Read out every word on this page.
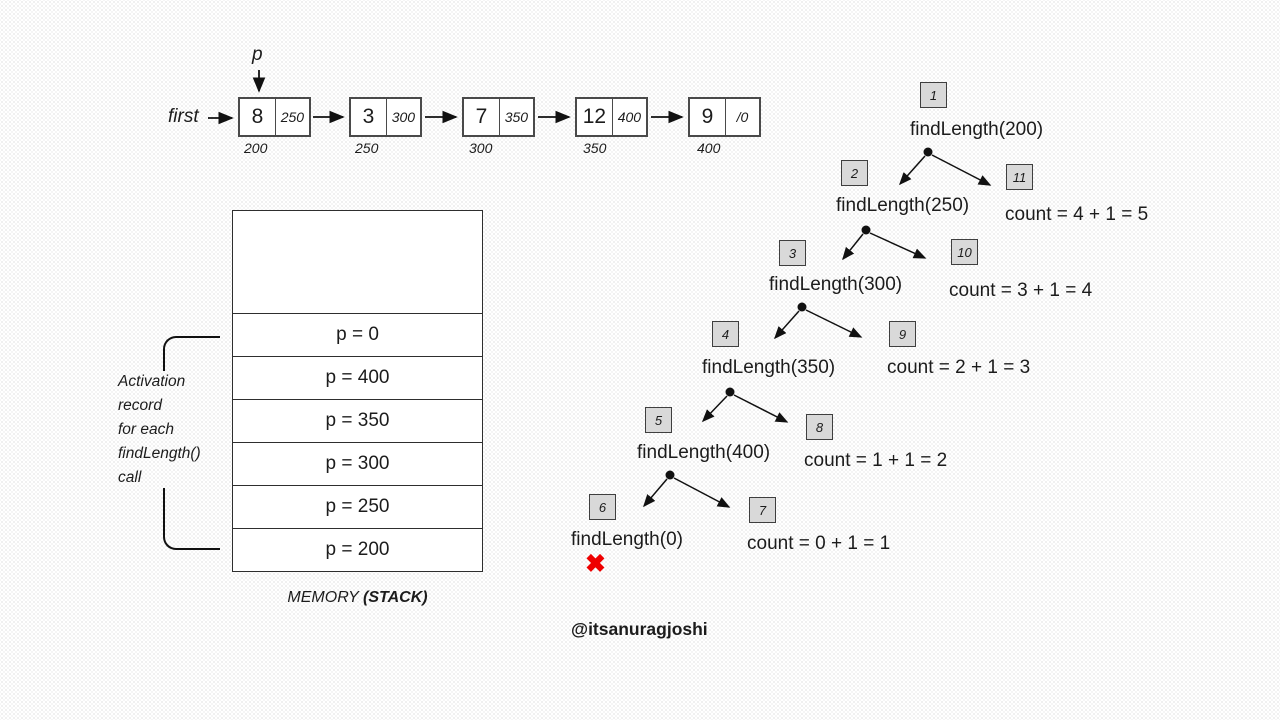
p
first	8	250
200
3	300
250
7	350
300
12 400
350
9	/0
400
p = 0
p = 400
p = 350
p = 300
p = 250
p = 200
MEMORY (STACK)
Activation
record
for each
findLength()
call
1
findLength(200)
2
findLength(250)
3
findLength(300)
4
findLength(350)
5
findLength(400)
6
findLength(0)
11
count = 4 + 1 = 5
10
count = 3 + 1 = 4
9
count = 2 + 1 = 3
8
count = 1 + 1 = 2
7
count = 0 + 1 = 1
✖
@itsanuragjoshi
